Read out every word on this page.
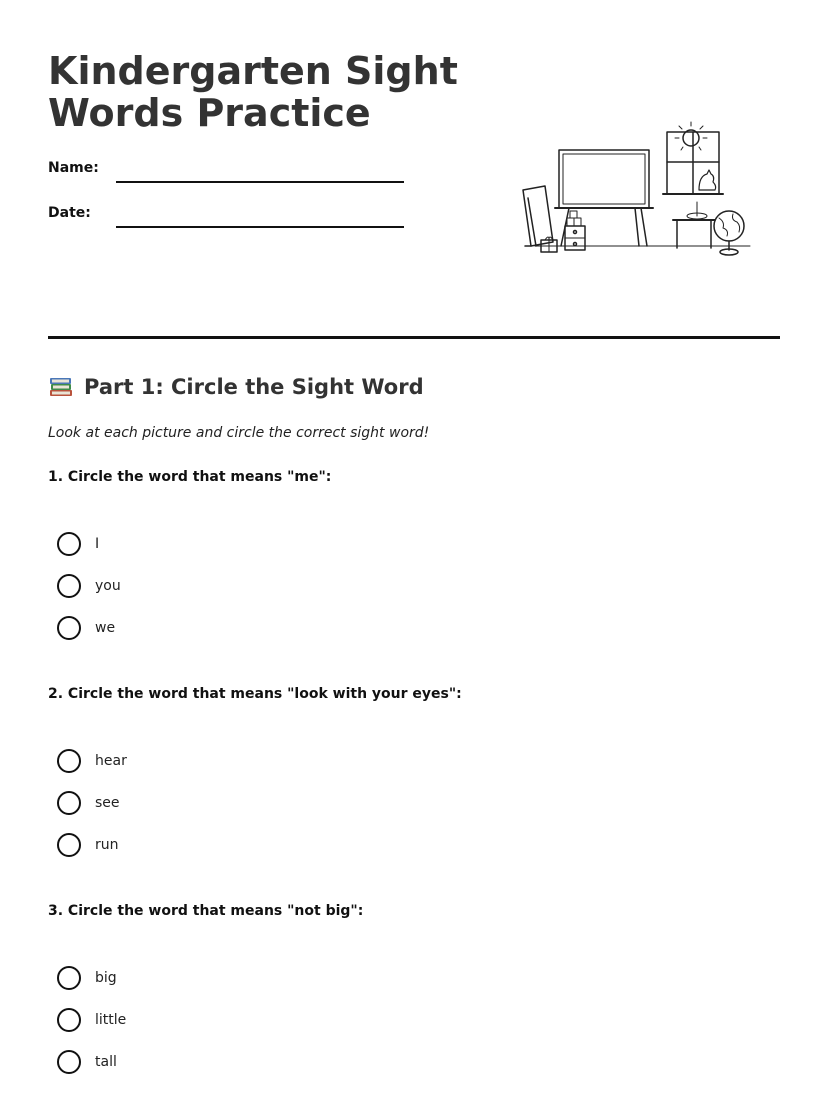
Kindergarten Sight
Words Practice
Name:
Date:
Part 1: Circle the Sight Word
Look at each picture and circle the correct sight word!
1. Circle the word that means "me":
I
you
we
2. Circle the word that means "look with your eyes":
hear
see
run
3. Circle the word that means "not big":
big
little
tall
